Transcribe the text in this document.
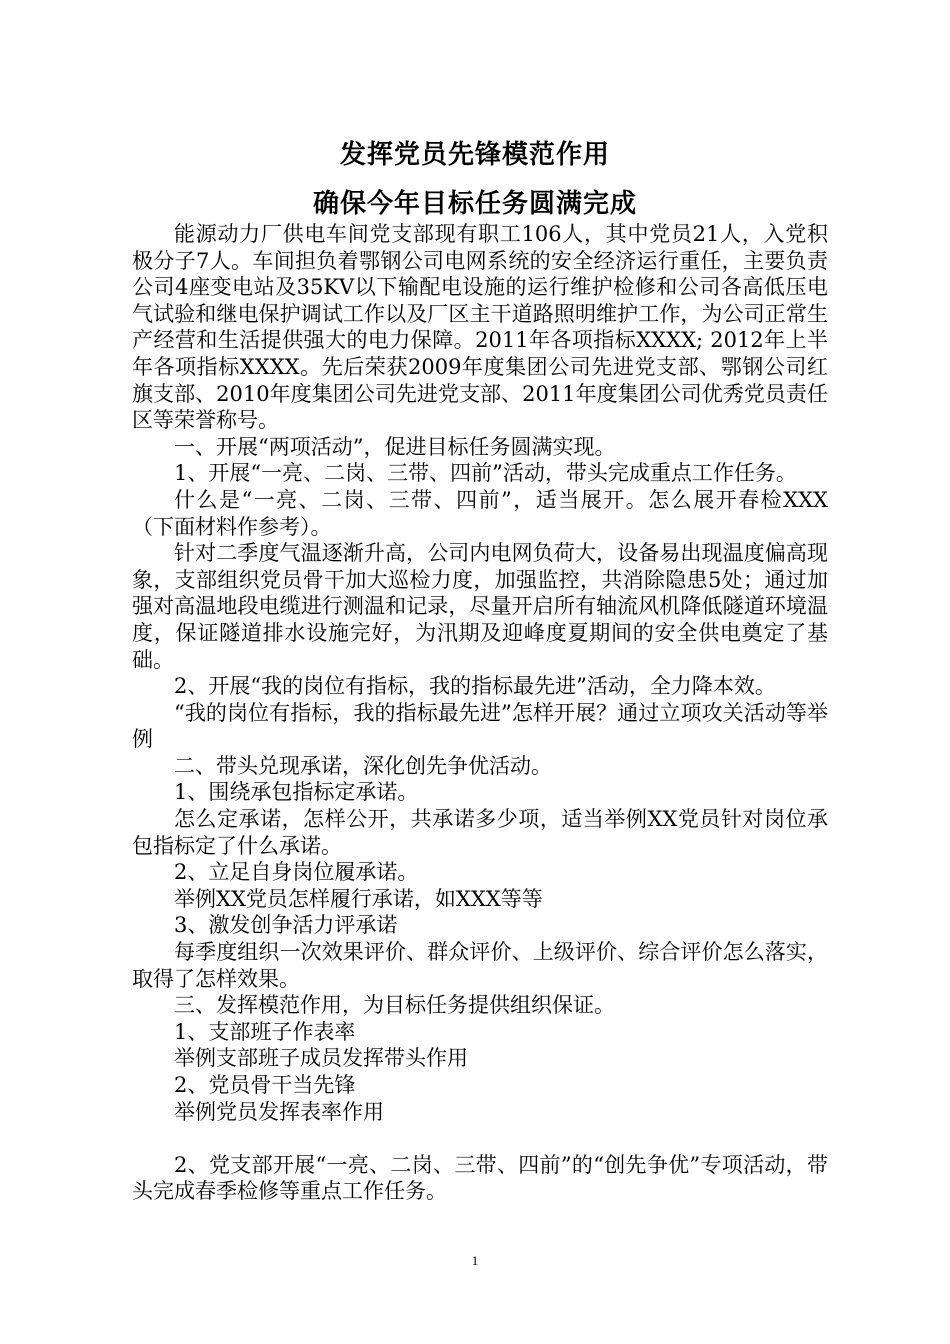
发挥党员先锋模范作用
确保今年目标任务圆满完成

能源动力厂供电车间党支部现有职工106人，其中党员21人，入党积极分子7人。车间担负着鄂钢公司电网系统的安全经济运行重任，主要负责公司4座变电站及35KV以下输配电设施的运行维护检修和公司各高低压电气试验和继电保护调试工作以及厂区主干道路照明维护工作，为公司正常生产经营和生活提供强大的电力保障。2011年各项指标XXXX; 2012年上半年各项指标XXXX。先后荣获2009年度集团公司先进党支部、鄂钢公司红旗支部、2010年度集团公司先进党支部、2011年度集团公司优秀党员责任区等荣誉称号。

一、开展“两项活动”，促进目标任务圆满实现。

1、开展“一亮、二岗、三带、四前”活动，带头完成重点工作任务。

什么是“一亮、二岗、三带、四前”，适当展开。怎么展开春检XXX（下面材料作参考）。

针对二季度气温逐渐升高，公司内电网负荷大，设备易出现温度偏高现象，支部组织党员骨干加大巡检力度，加强监控，共消除隐患5处；通过加强对高温地段电缆进行测温和记录，尽量开启所有轴流风机降低隧道环境温度，保证隧道排水设施完好，为汛期及迎峰度夏期间的安全供电奠定了基础。

2、开展“我的岗位有指标，我的指标最先进”活动，全力降本效。

“我的岗位有指标，我的指标最先进”怎样开展？通过立项攻关活动等举例

二、带头兑现承诺，深化创先争优活动。

1、围绕承包指标定承诺。

怎么定承诺，怎样公开，共承诺多少项，适当举例XX党员针对岗位承包指标定了什么承诺。

2、立足自身岗位履承诺。

举例XX党员怎样履行承诺，如XXX等等

3、激发创争活力评承诺

每季度组织一次效果评价、群众评价、上级评价、综合评价怎么落实，取得了怎样效果。

三、发挥模范作用，为目标任务提供组织保证。

1、支部班子作表率

举例支部班子成员发挥带头作用

2、党员骨干当先锋

举例党员发挥表率作用

2、党支部开展“一亮、二岗、三带、四前”的“创先争优”专项活动，带头完成春季检修等重点工作任务。

1
